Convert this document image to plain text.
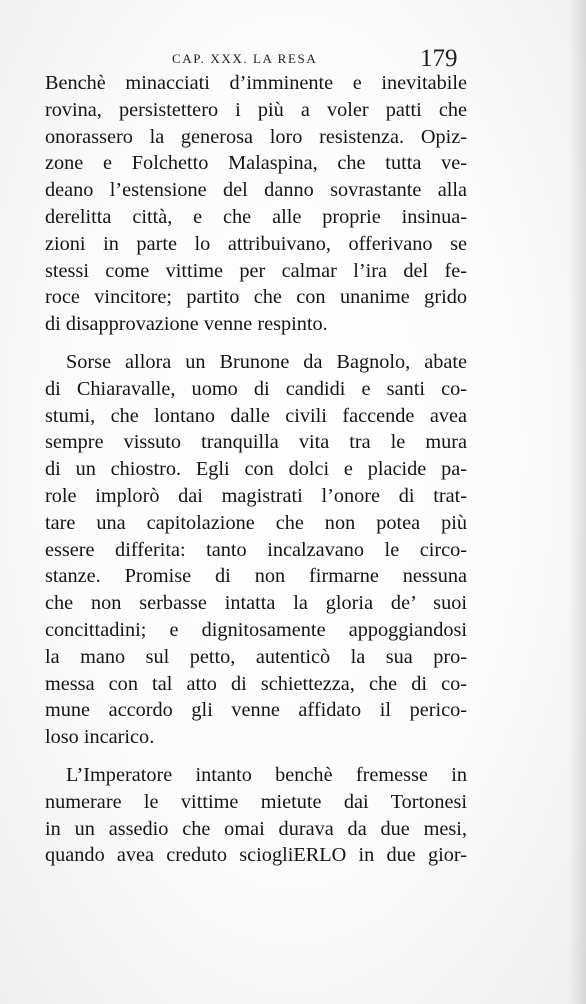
CAP. XXX. LA RESA	179
Benchè minacciati d’imminente e inevitabile
rovina, persistettero i più a voler patti che
onorassero la generosa loro resistenza. Opiz-
zone e Folchetto Malaspina, che tutta ve-
deano l’estensione del danno sovrastante alla
derelitta città, e che alle proprie insinua-
zioni in parte lo attribuivano, offerivano se
stessi come vittime per calmar l’ira del fe-
roce vincitore; partito che con unanime grido
di disapprovazione venne respinto.
Sorse allora un Brunone da Bagnolo, abate
di Chiaravalle, uomo di candidi e santi co-
stumi, che lontano dalle civili faccende avea
sempre vissuto tranquilla vita tra le mura
di un chiostro. Egli con dolci e placide pa-
role implorò dai magistrati l’onore di trat-
tare una capitolazione che non potea più
essere differita: tanto incalzavano le circo-
stanze. Promise di non firmarne nessuna
che non serbasse intatta la gloria de’ suoi
concittadini; e dignitosamente appoggiandosi
la mano sul petto, autenticò la sua pro-
messa con tal atto di schiettezza, che di co-
mune accordo gli venne affidato il perico-
loso incarico.
L’Imperatore intanto benchè fremesse in
numerare le vittime mietute dai Tortonesi
in un assedio che omai durava da due mesi,
quando avea creduto sciogliERLO in due gior-
